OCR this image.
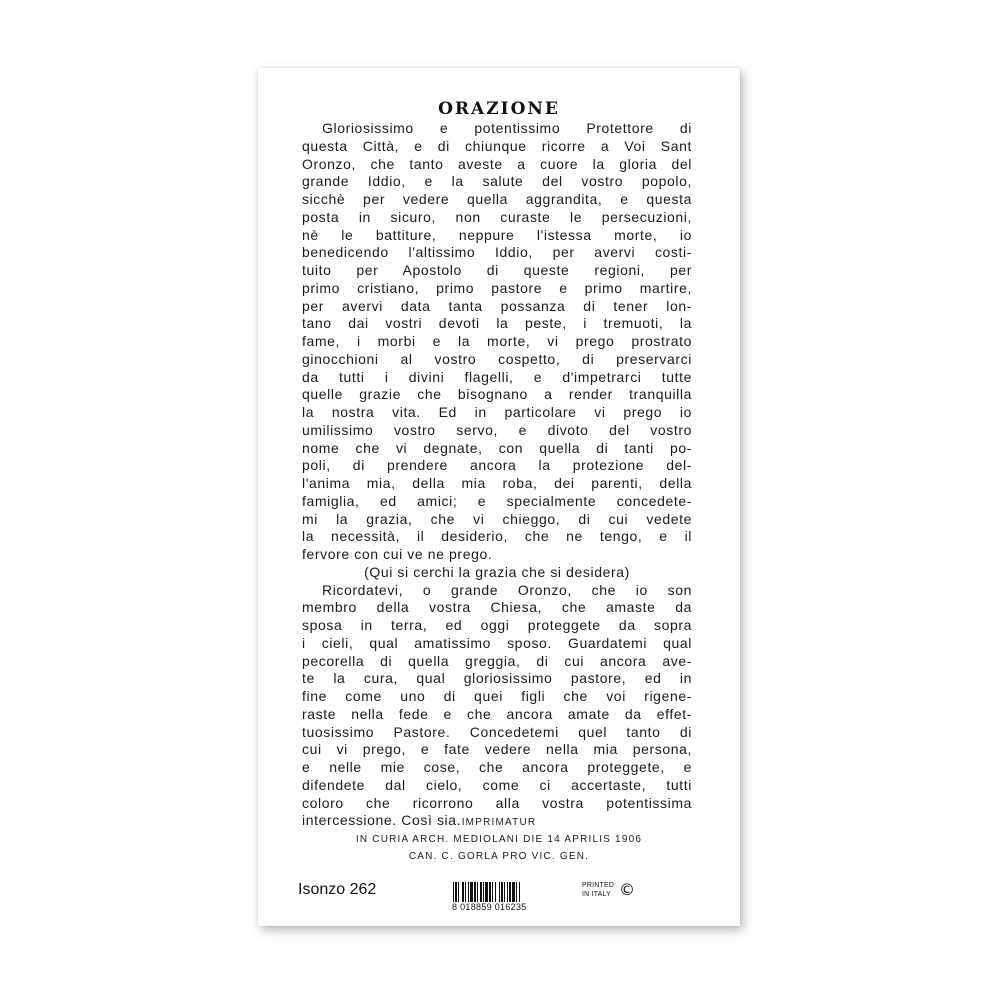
ORAZIONE
Gloriosissimo e potentissimo Protettore di
questa Città, e di chiunque ricorre a Voi Sant
Oronzo, che tanto aveste a cuore la gloria del
grande Iddio, e la salute del vostro popolo,
sicchè per vedere quella aggrandita, e questa
posta in sicuro, non curaste le persecuzioni,
nè le battiture, neppure l'istessa morte, io
benedicendo l'altissimo Iddio, per avervi costi-
tuito per Apostolo di queste regioni, per
primo cristiano, primo pastore e primo martire,
per avervi data tanta possanza di tener lon-
tano dai vostri devoti la peste, i tremuoti, la
fame, i morbi e la morte, vi prego prostrato
ginocchioni al vostro cospetto, di preservarci
da tutti i divini flagelli, e d'impetrarci tutte
quelle grazie che bisognano a render tranquilla
la nostra vita. Ed in particolare vi prego io
umilissimo vostro servo, e divoto del vostro
nome che vi degnate, con quella di tanti po-
poli, di prendere ancora la protezione del-
l'anima mia, della mia roba, dei parenti, della
famiglia, ed amici; e specialmente concedete-
mi la grazia, che vi chieggo, di cui vedete
la necessità, il desiderio, che ne tengo, e il
fervore con cui ve ne prego.
(Qui si cerchi la grazia che si desidera)
Ricordatevi, o grande Oronzo, che io son
membro della vostra Chiesa, che amaste da
sposa in terra, ed oggi proteggete da sopra
i cieli, qual amatissimo sposo. Guardatemi qual
pecorella di quella greggia, di cui ancora ave-
te la cura, qual gloriosissimo pastore, ed in
fine come uno di quei figli che voi rigene-
raste nella fede e che ancora amate da effet-
tuosissimo Pastore. Concedetemi quel tanto di
cui vi prego, e fate vedere nella mia persona,
e nelle mie cose, che ancora proteggete, e
difendete dal cielo, come ci accertaste, tutti
coloro che ricorrono alla vostra potentissima
intercessione. Così sia. IMPRIMATUR
IN CURIA ARCH. MEDIOLANI DIE 14 APRILIS 1906
CAN. C. GORLA PRO VIC. GEN.
Isonzo 262
8 018859 016235
PRINTED
IN ITALY ©
